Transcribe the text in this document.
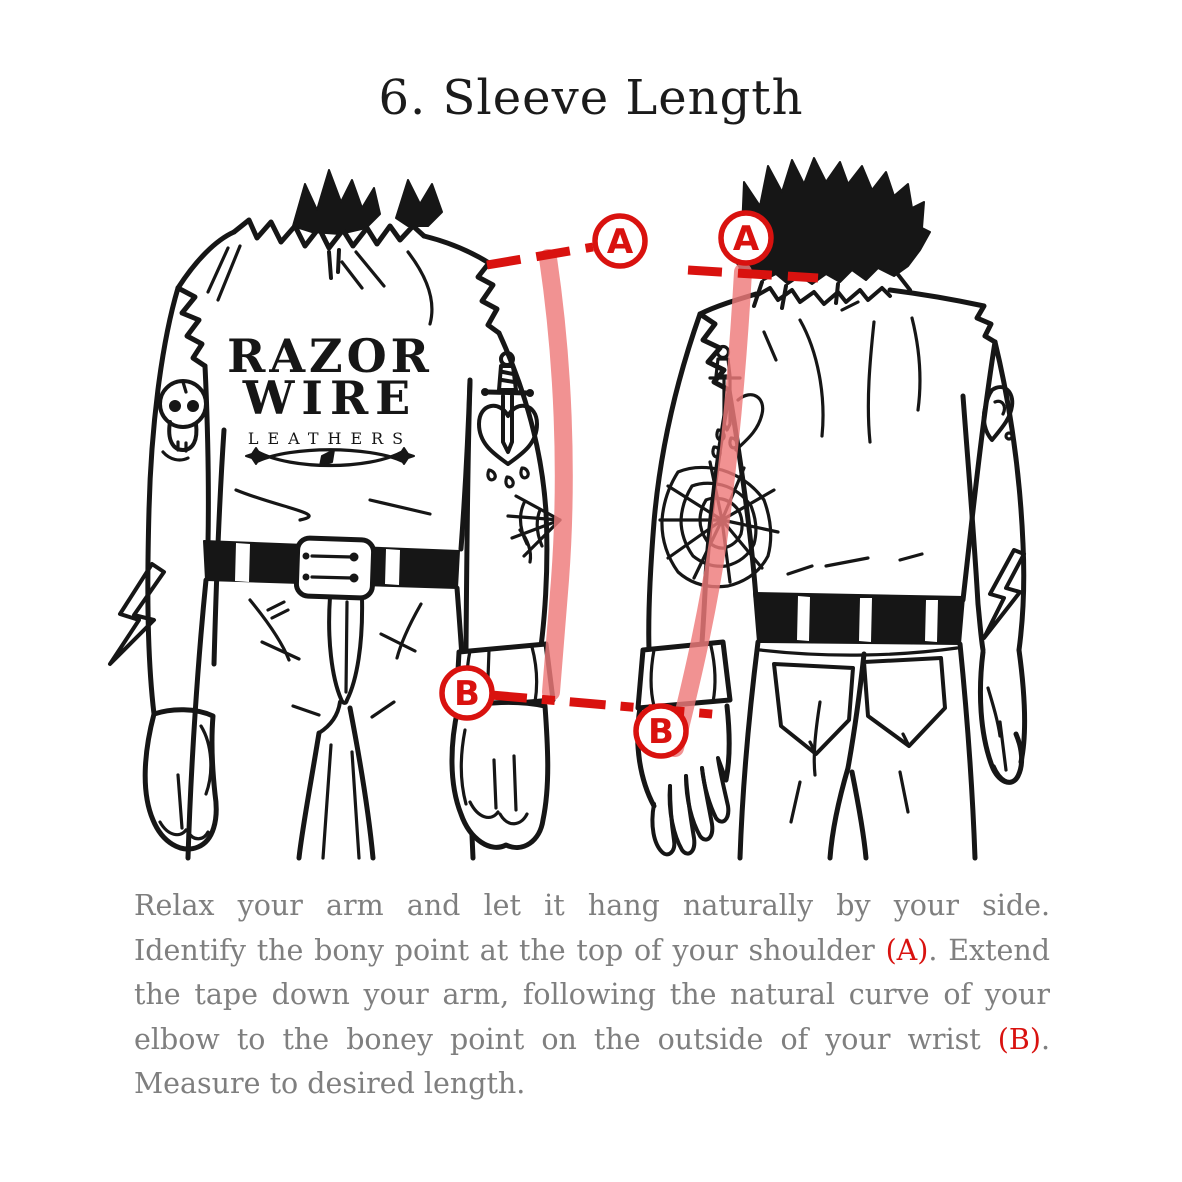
6. Sleeve Length
RAZOR
WIRE
LEATHERS
A	A
B
B
Relax your arm and let it hang naturally by your side.
Identify the bony point at the top of your shoulder (A). Extend
the tape down your arm, following the natural curve of your
elbow to the boney point on the outside of your wrist (B).
Measure to desired length.
